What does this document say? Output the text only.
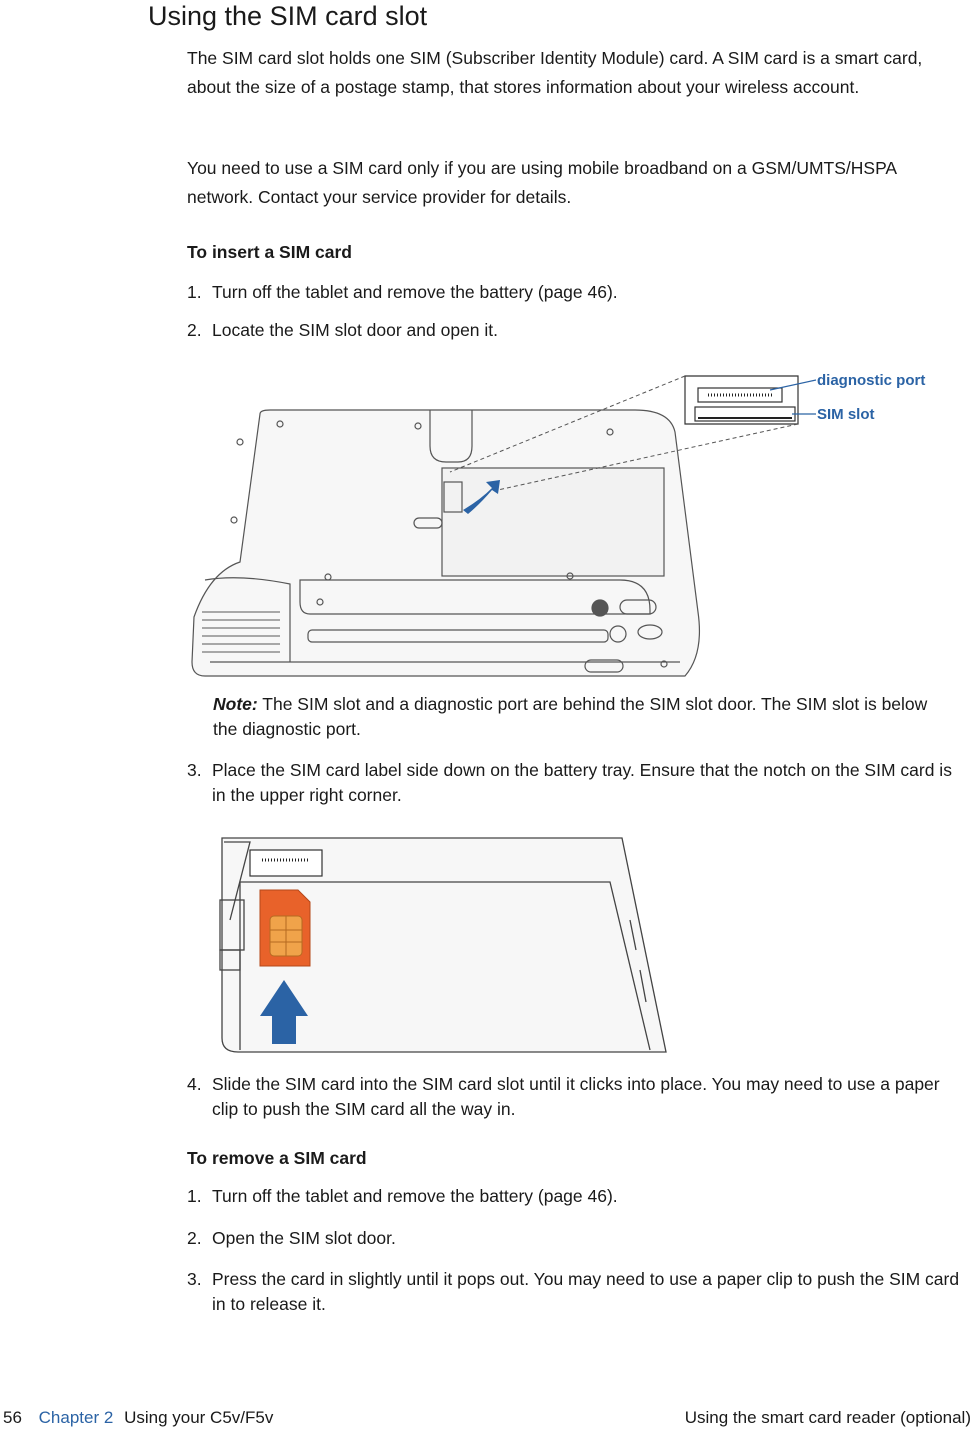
Using the SIM card slot

The SIM card slot holds one SIM (Subscriber Identity Module) card. A SIM card is a smart card, about the size of a postage stamp, that stores information about your wireless account.

You need to use a SIM card only if you are using mobile broadband on a GSM/UMTS/HSPA network. Contact your service provider for details.

To insert a SIM card
1. Turn off the tablet and remove the battery (page 46).
2. Locate the SIM slot door and open it.
diagnostic port
SIM slot
Note: The SIM slot and a diagnostic port are behind the SIM slot door. The SIM slot is below the diagnostic port.
3. Place the SIM card label side down on the battery tray. Ensure that the notch on the SIM card is in the upper right corner.
4. Slide the SIM card into the SIM card slot until it clicks into place. You may need to use a paper clip to push the SIM card all the way in.
To remove a SIM card
1. Turn off the tablet and remove the battery (page 46).
2. Open the SIM slot door.
3. Press the card in slightly until it pops out. You may need to use a paper clip to push the SIM card in to release it.
56 Chapter 2 Using your C5v/F5v	Using the smart card reader (optional)
